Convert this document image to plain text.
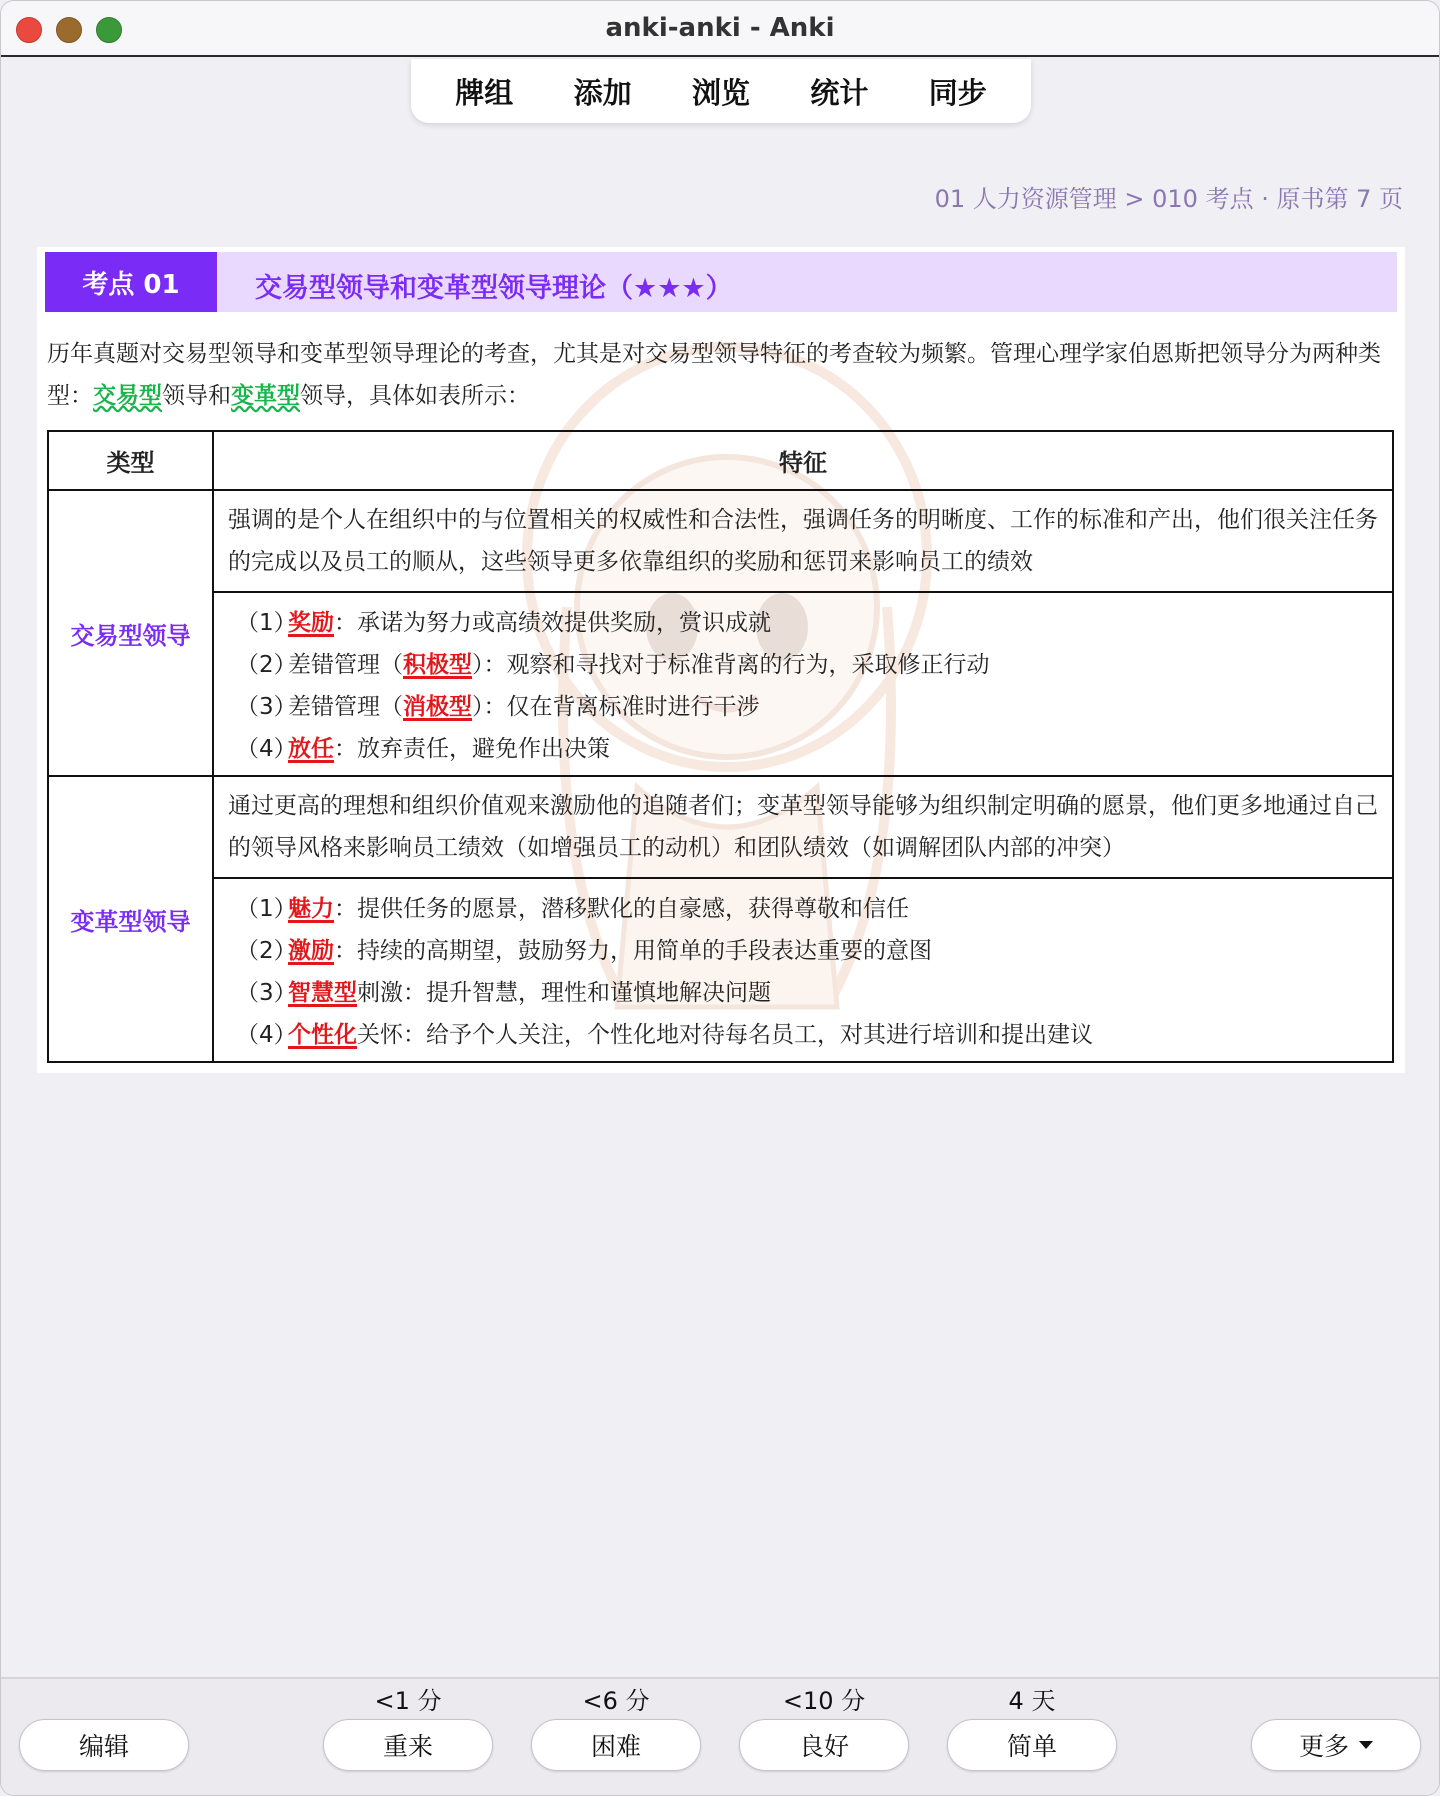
anki-anki - Anki
牌组 添加 浏览 统计 同步
01 人力资源管理 > 010 考点 · 原书第 7 页
考点 01	交易型领导和变革型领导理论（★★★）
历年真题对交易型领导和变革型领导理论的考查，尤其是对交易型领导特征的考查较为频繁。管理心理学家伯恩斯把领导分为两种类型：交易型领导和变革型领导，具体如表所示：
类型	特征
交易型领导	强调的是个人在组织中的与位置相关的权威性和合法性，强调任务的明晰度、工作的标准和产出，他们很关注任务的完成以及员工的顺从，这些领导更多依靠组织的奖励和惩罚来影响员工的绩效

	（1）奖励：承诺为努力或高绩效提供奖励，赏识成就
（2）差错管理（积极型）：观察和寻找对于标准背离的行为，采取修正行动
（3）差错管理（消极型）：仅在背离标准时进行干涉
（4）放任：放弃责任，避免作出决策

变革型领导	通过更高的理想和组织价值观来激励他的追随者们；变革型领导能够为组织制定明确的愿景，他们更多地通过自己的领导风格来影响员工绩效（如增强员工的动机）和团队绩效（如调解团队内部的冲突）

	（1）魅力：提供任务的愿景，潜移默化的自豪感，获得尊敬和信任
（2）激励：持续的高期望，鼓励努力，用简单的手段表达重要的意图
（3）智慧型刺激：提升智慧，理性和谨慎地解决问题
（4）个性化关怀：给予个人关注，个性化地对待每名员工，对其进行培训和提出建议
<1 分	<6 分	<10 分	4 天
编辑	重来	困难	良好	简单	更多
